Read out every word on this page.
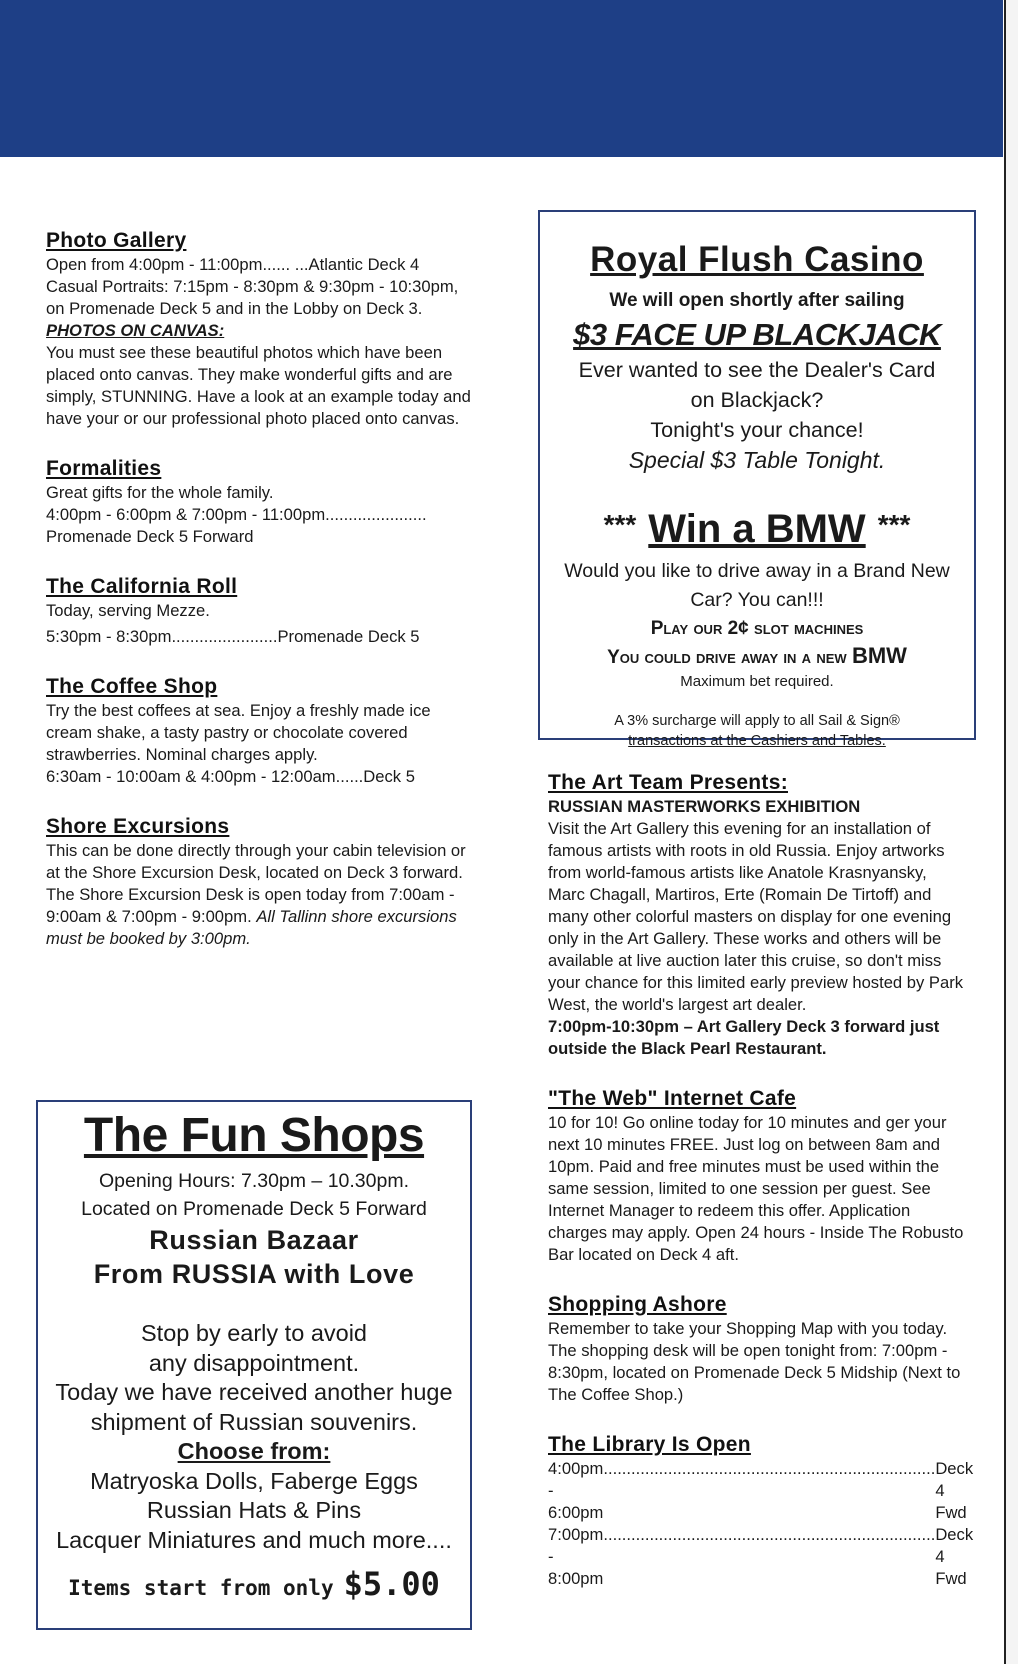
Photo Gallery

Open from 4:00pm - 11:00pm...... ...Atlantic Deck 4

Casual Portraits: 7:15pm - 8:30pm & 9:30pm - 10:30pm, on Promenade Deck 5 and in the Lobby on Deck 3.

PHOTOS ON CANVAS:

You must see these beautiful photos which have been placed onto canvas. They make wonderful gifts and are simply, STUNNING. Have a look at an example today and have your or our professional photo placed onto canvas.

Formalities

Great gifts for the whole family.

4:00pm - 6:00pm & 7:00pm - 11:00pm......................

Promenade Deck 5 Forward

The California Roll

Today, serving Mezze.

5:30pm - 8:30pm.......................Promenade Deck 5

The Coffee Shop

Try the best coffees at sea. Enjoy a freshly made ice cream shake, a tasty pastry or chocolate covered strawberries. Nominal charges apply.

6:30am - 10:00am & 4:00pm - 12:00am......Deck 5

Shore Excursions

This can be done directly through your cabin television or at the Shore Excursion Desk, located on Deck 3 forward. The Shore Excursion Desk is open today from 7:00am - 9:00am & 7:00pm - 9:00pm. All Tallinn shore excursions must be booked by 3:00pm.

The Fun Shops
Opening Hours: 7.30pm – 10.30pm.
Located on Promenade Deck 5 Forward
Russian Bazaar
From RUSSIA with Love
Stop by early to avoid
any disappointment.
Today we have received another huge
shipment of Russian souvenirs.
Choose from:
Matryoska Dolls, Faberge Eggs
Russian Hats & Pins
Lacquer Miniatures and much more....
Items start from only $5.00
Royal Flush Casino
We will open shortly after sailing
$3 FACE UP BLACKJACK
Ever wanted to see the Dealer's Card
on Blackjack?
Tonight's your chance!
Special $3 Table Tonight.
*** Win a BMW ***
Would you like to drive away in a Brand New
Car? You can!!!
Play our 2¢ slot machines
You could drive away in a new BMW
Maximum bet required.
A 3% surcharge will apply to all Sail & Sign®
transactions at the Cashiers and Tables.
The Art Team Presents:
RUSSIAN MASTERWORKS EXHIBITION

Visit the Art Gallery this evening for an installation of famous artists with roots in old Russia. Enjoy artworks from world-famous artists like Anatole Krasnyansky, Marc Chagall, Martiros, Erte (Romain De Tirtoff) and many other colorful masters on display for one evening only in the Art Gallery. These works and others will be available at live auction later this cruise, so don't miss your chance for this limited early preview hosted by Park West, the world's largest art dealer.

7:00pm-10:30pm – Art Gallery Deck 3 forward just outside the Black Pearl Restaurant.

"The Web" Internet Cafe

10 for 10! Go online today for 10 minutes and ger your next 10 minutes FREE. Just log on between 8am and 10pm. Paid and free minutes must be used within the same session, limited to one session per guest. See Internet Manager to redeem this offer. Application charges may apply. Open 24 hours - Inside The Robusto Bar located on Deck 4 aft.

Shopping Ashore

Remember to take your Shopping Map with you today. The shopping desk will be open tonight from: 7:00pm - 8:30pm, located on Promenade Deck 5 Midship (Next to The Coffee Shop.)

The Library Is Open
4:00pm - 6:00pm
........................................................................ Deck 4 Fwd
7:00pm - 8:00pm
........................................................................ Deck 4 Fwd
